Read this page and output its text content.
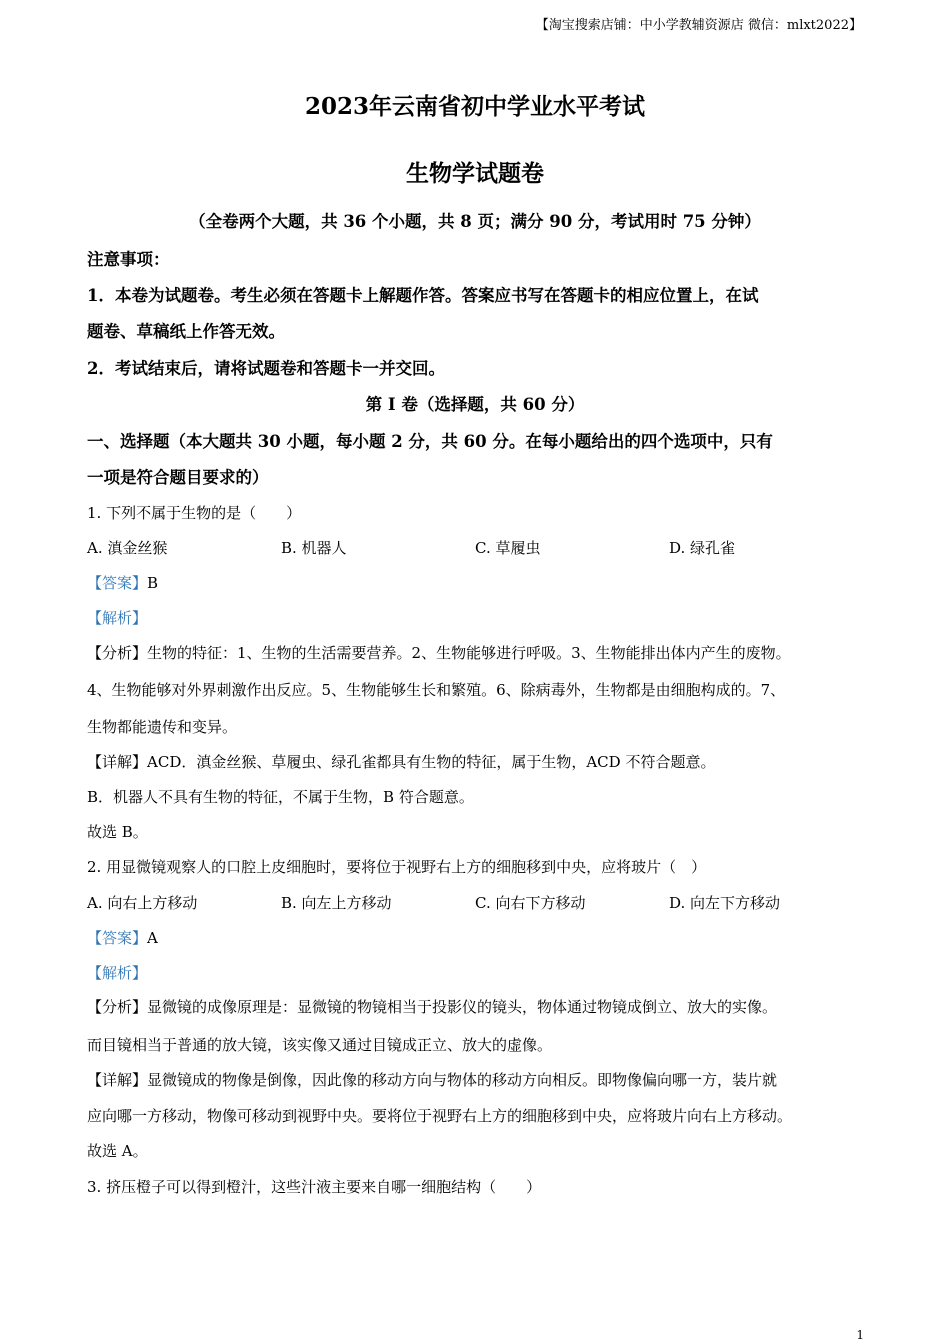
【淘宝搜索店铺：中小学教辅资源店 微信：mlxt2022】
2023年云南省初中学业水平考试
生物学试题卷
（全卷两个大题，共 36 个小题，共 8 页；满分 90 分，考试用时 75 分钟）
注意事项：
1．本卷为试题卷。考生必须在答题卡上解题作答。答案应书写在答题卡的相应位置上，在试
题卷、草稿纸上作答无效。
2．考试结束后，请将试题卷和答题卡一并交回。
第 I 卷（选择题，共 60 分）
一、选择题（本大题共 30 小题，每小题 2 分，共 60 分。在每小题给出的四个选项中，只有
一项是符合题目要求的）
1. 下列不属于生物的是（　　）
A. 滇金丝猴	B. 机器人	C. 草履虫	D. 绿孔雀
【答案】B
【解析】
【分析】生物的特征：1、生物的生活需要营养。2、生物能够进行呼吸。3、生物能排出体内产生的废物。
4、生物能够对外界刺激作出反应。5、生物能够生长和繁殖。6、除病毒外，生物都是由细胞构成的。7、
生物都能遗传和变异。
【详解】ACD．滇金丝猴、草履虫、绿孔雀都具有生物的特征，属于生物，ACD 不符合题意。
B．机器人不具有生物的特征，不属于生物，B 符合题意。
故选 B。
2. 用显微镜观察人的口腔上皮细胞时，要将位于视野右上方的细胞移到中央，应将玻片（　）
A. 向右上方移动	B. 向左上方移动	C. 向右下方移动	D. 向左下方移动
【答案】A
【解析】
【分析】显微镜的成像原理是：显微镜的物镜相当于投影仪的镜头，物体通过物镜成倒立、放大的实像。
而目镜相当于普通的放大镜，该实像又通过目镜成正立、放大的虚像。
【详解】显微镜成的物像是倒像，因此像的移动方向与物体的移动方向相反。即物像偏向哪一方，装片就
应向哪一方移动，物像可移动到视野中央。要将位于视野右上方的细胞移到中央，应将玻片向右上方移动。
故选 A。
3. 挤压橙子可以得到橙汁，这些汁液主要来自哪一细胞结构（　　）
1
